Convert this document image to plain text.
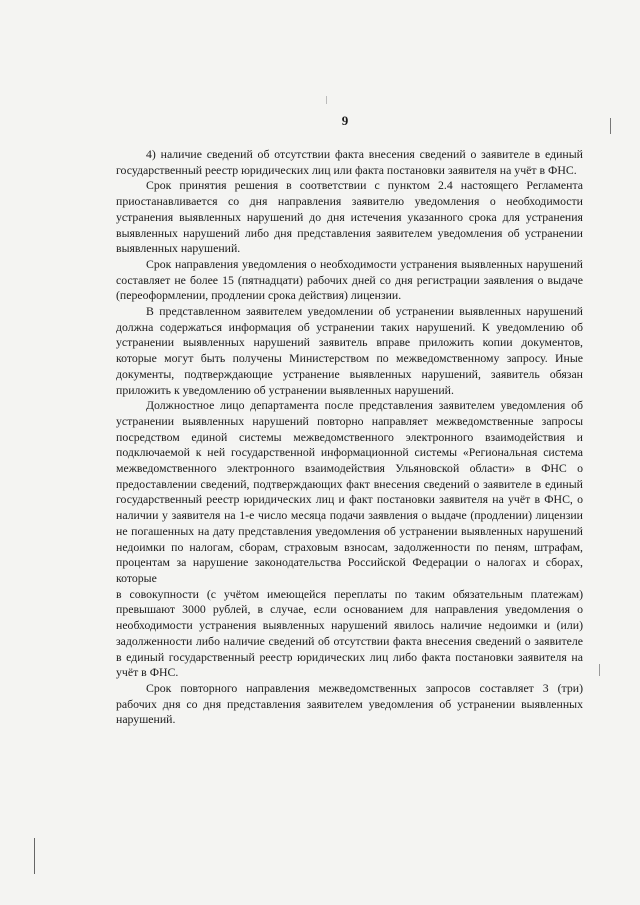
9

4) наличие сведений об отсутствии факта внесения сведений о заявителе в единый государственный реестр юридических лиц или факта постановки заявителя на учёт в ФНС.

Срок принятия решения в соответствии с пунктом 2.4 настоящего Регламента приостанавливается со дня направления заявителю уведомления о необходимости устранения выявленных нарушений до дня истечения указанного срока для устранения выявленных нарушений либо дня представления заявителем уведомления об устранении выявленных нарушений.

Срок направления уведомления о необходимости устранения выявленных нарушений составляет не более 15 (пятнадцати) рабочих дней со дня регистрации заявления о выдаче (переоформлении, продлении срока действия) лицензии.

В представленном заявителем уведомлении об устранении выявленных нарушений должна содержаться информация об устранении таких нарушений. К уведомлению об устранении выявленных нарушений заявитель вправе приложить копии документов, которые могут быть получены Министерством по межведомственному запросу. Иные документы, подтверждающие устранение выявленных нарушений, заявитель обязан приложить к уведомлению об устранении выявленных нарушений.

Должностное лицо департамента после представления заявителем уведомления об устранении выявленных нарушений повторно направляет межведомственные запросы посредством единой системы межведомственного электронного взаимодействия и подключаемой к ней государственной информационной системы «Региональная система межведомственного электронного взаимодействия Ульяновской области» в ФНС о предоставлении сведений, подтверждающих факт внесения сведений о заявителе в единый государственный реестр юридических лиц и факт постановки заявителя на учёт в ФНС, о наличии у заявителя на 1-е число месяца подачи заявления о выдаче (продлении) лицензии не погашенных на дату представления уведомления об устранении выявленных нарушений недоимки по налогам, сборам, страховым взносам, задолженности по пеням, штрафам, процентам за нарушение законодательства Российской Федерации о налогах и сборах, которые

в совокупности (с учётом имеющейся переплаты по таким обязательным платежам) превышают 3000 рублей, в случае, если основанием для направления уведомления о необходимости устранения выявленных нарушений явилось наличие недоимки и (или) задолженности либо наличие сведений об отсутствии факта внесения сведений о заявителе в единый государственный реестр юридических лиц либо факта постановки заявителя на учёт в ФНС.

Срок повторного направления межведомственных запросов составляет 3 (три) рабочих дня со дня представления заявителем уведомления об устранении выявленных нарушений.
